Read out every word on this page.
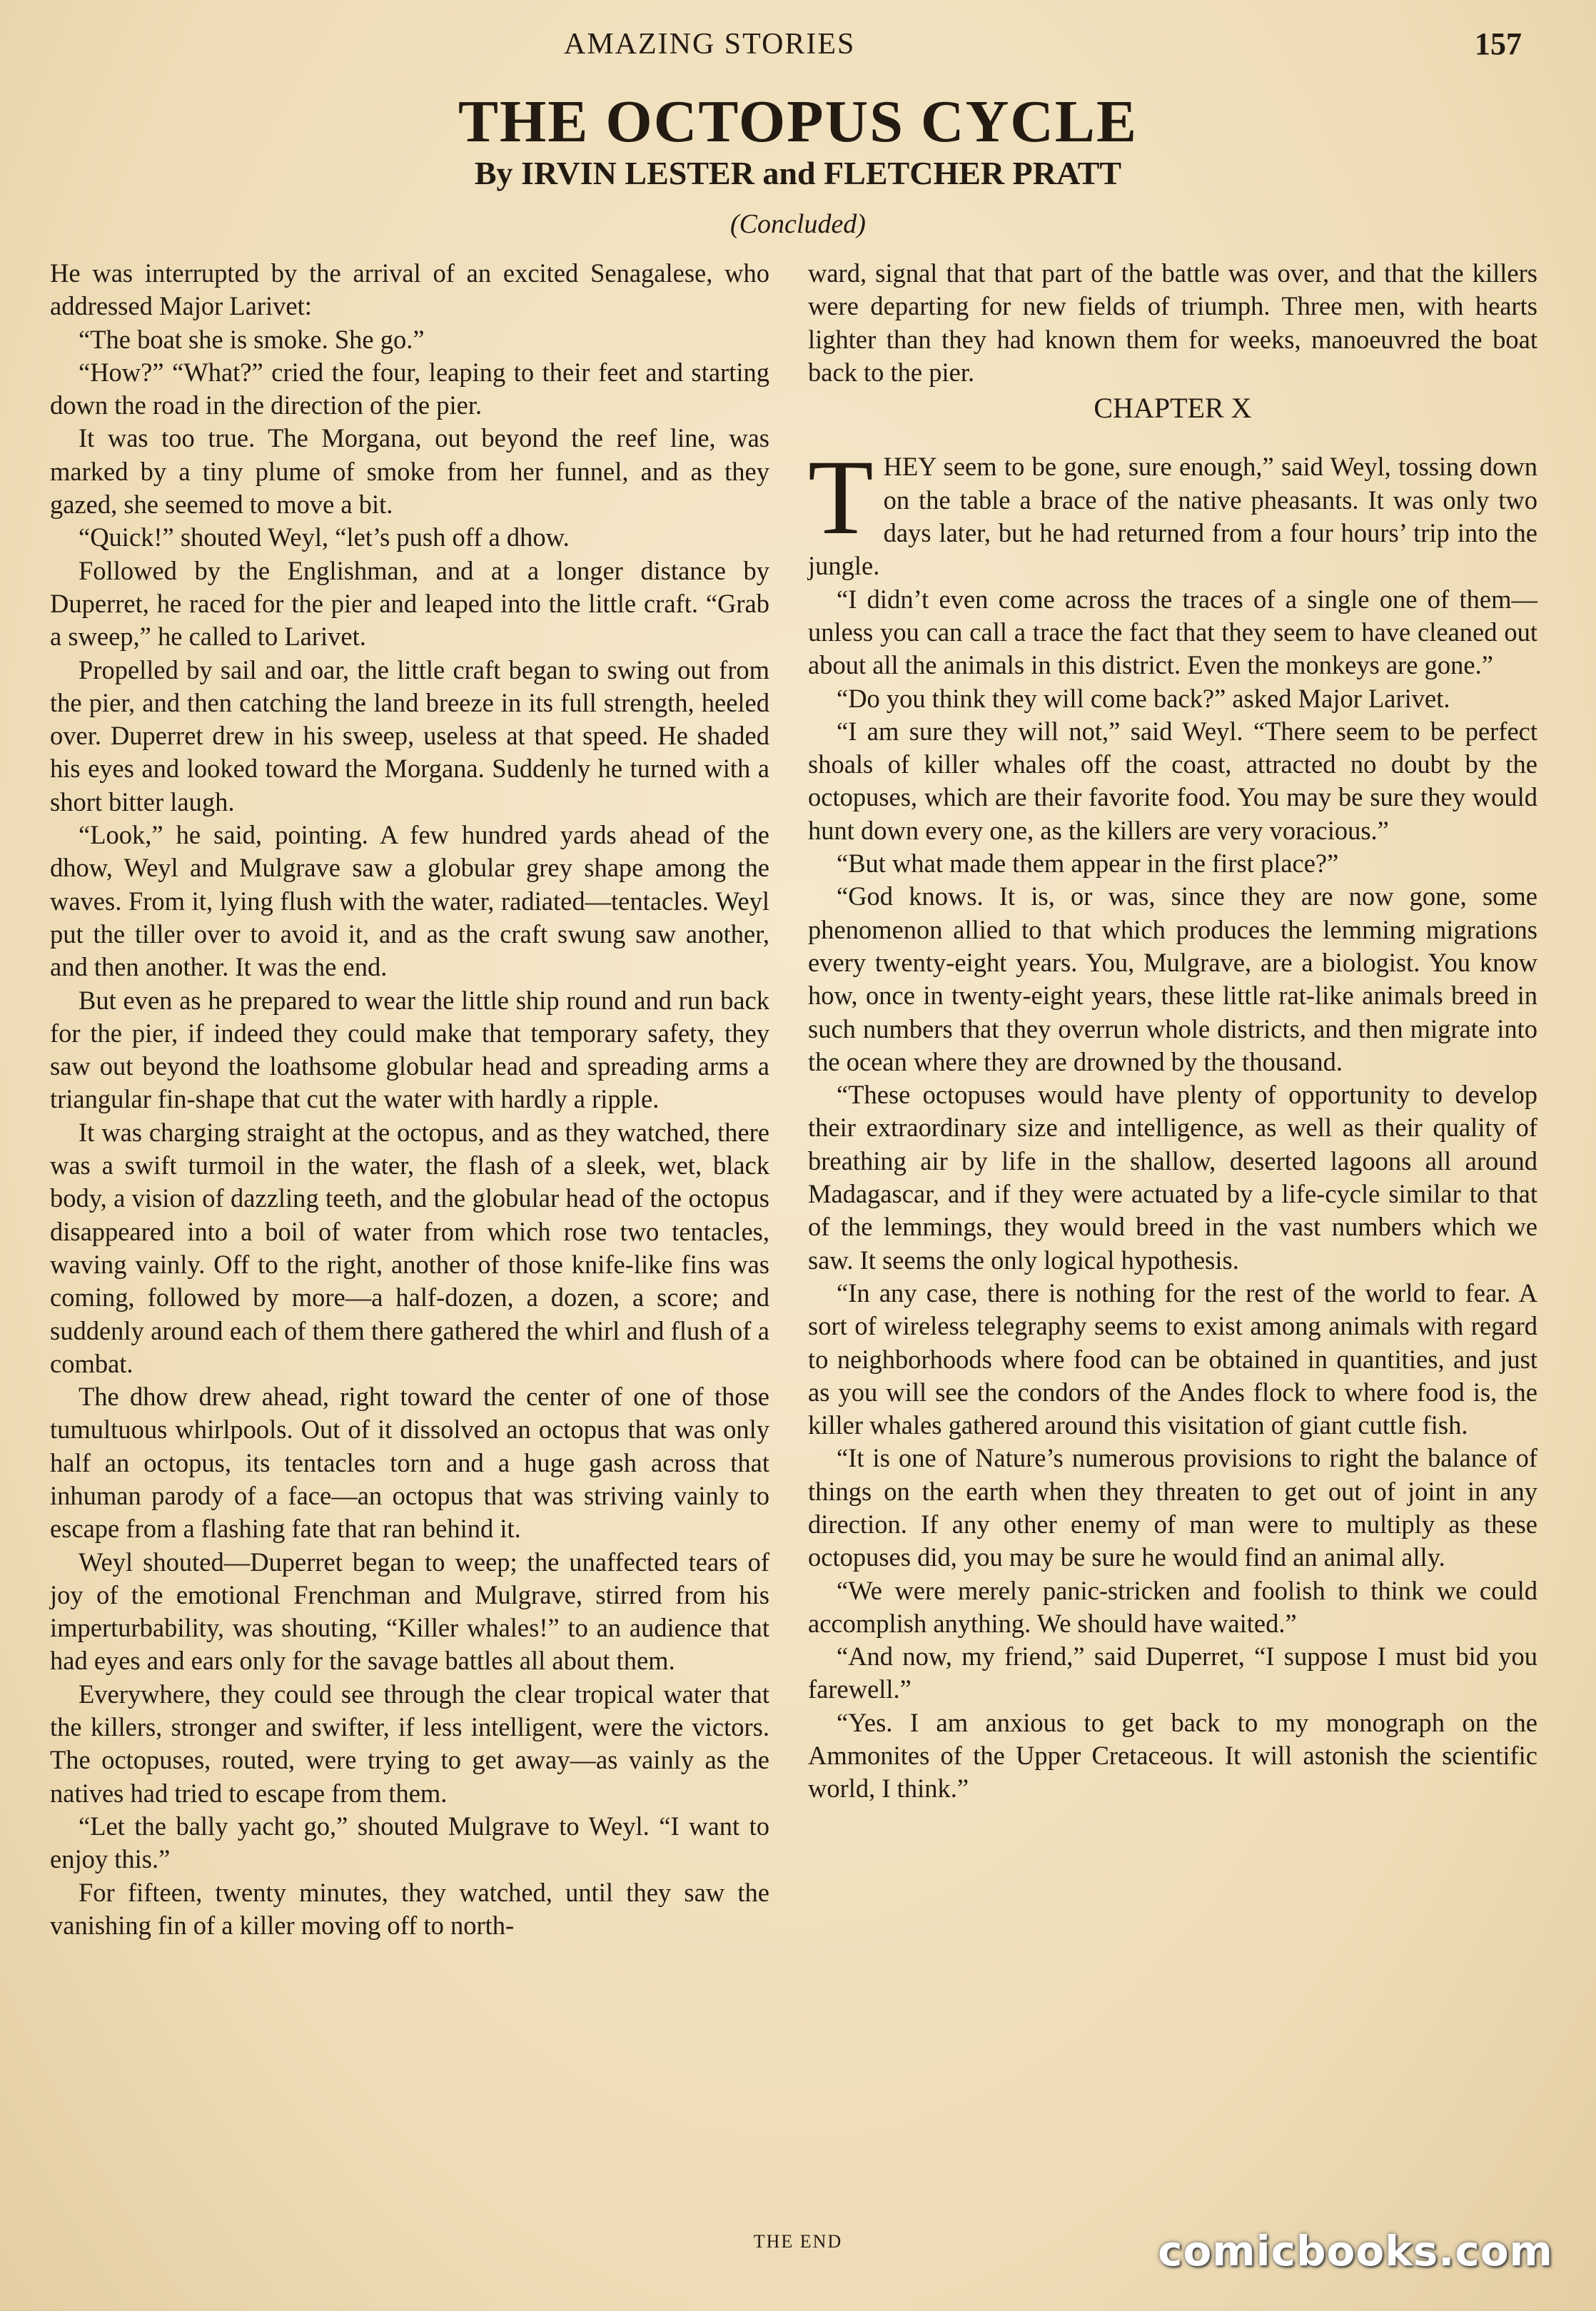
AMAZING STORIES	157
THE OCTOPUS CYCLE
By IRVIN LESTER and FLETCHER PRATT
(Concluded)

He was interrupted by the arrival of an excited Senagalese, who addressed Major Larivet:

“The boat she is smoke. She go.”

“How?” “What?” cried the four, leaping to their feet and starting down the road in the direction of the pier.

It was too true. The Morgana, out beyond the reef line, was marked by a tiny plume of smoke from her funnel, and as they gazed, she seemed to move a bit.

“Quick!” shouted Weyl, “let’s push off a dhow.

Followed by the Englishman, and at a longer distance by Duperret, he raced for the pier and leaped into the little craft. “Grab a sweep,” he called to Larivet.

Propelled by sail and oar, the little craft began to swing out from the pier, and then catching the land breeze in its full strength, heeled over. Duperret drew in his sweep, useless at that speed. He shaded his eyes and looked toward the Morgana. Suddenly he turned with a short bitter laugh.

“Look,” he said, pointing. A few hundred yards ahead of the dhow, Weyl and Mulgrave saw a globular grey shape among the waves. From it, lying flush with the water, radiated—tentacles. Weyl put the tiller over to avoid it, and as the craft swung saw another, and then another. It was the end.

But even as he prepared to wear the little ship round and run back for the pier, if indeed they could make that temporary safety, they saw out beyond the loathsome globular head and spreading arms a triangular fin-shape that cut the water with hardly a ripple.

It was charging straight at the octopus, and as they watched, there was a swift turmoil in the water, the flash of a sleek, wet, black body, a vision of dazzling teeth, and the globular head of the octopus disappeared into a boil of water from which rose two tentacles, waving vainly. Off to the right, another of those knife-like fins was coming, followed by more—a half-dozen, a dozen, a score; and suddenly around each of them there gathered the whirl and flush of a combat.

The dhow drew ahead, right toward the center of one of those tumultuous whirlpools. Out of it dissolved an octopus that was only half an octopus, its tentacles torn and a huge gash across that inhuman parody of a face—an octopus that was striving vainly to escape from a flashing fate that ran behind it.

Weyl shouted—Duperret began to weep; the unaffected tears of joy of the emotional Frenchman and Mulgrave, stirred from his imperturbability, was shouting, “Killer whales!” to an audience that had eyes and ears only for the savage battles all about them.

Everywhere, they could see through the clear tropical water that the killers, stronger and swifter, if less intelligent, were the victors. The octopuses, routed, were trying to get away—as vainly as the natives had tried to escape from them.

“Let the bally yacht go,” shouted Mulgrave to Weyl. “I want to enjoy this.”

For fifteen, twenty minutes, they watched, until they saw the vanishing fin of a killer moving off to north-

ward, signal that that part of the battle was over, and that the killers were departing for new fields of triumph. Three men, with hearts lighter than they had known them for weeks, manoeuvred the boat back to the pier.

CHAPTER X

THEY seem to be gone, sure enough,” said Weyl, tossing down on the table a brace of the native pheasants. It was only two days later, but he had returned from a four hours’ trip into the jungle.

“I didn’t even come across the traces of a single one of them—unless you can call a trace the fact that they seem to have cleaned out about all the animals in this district. Even the monkeys are gone.”

“Do you think they will come back?” asked Major Larivet.

“I am sure they will not,” said Weyl. “There seem to be perfect shoals of killer whales off the coast, attracted no doubt by the octopuses, which are their favorite food. You may be sure they would hunt down every one, as the killers are very voracious.”

“But what made them appear in the first place?”

“God knows. It is, or was, since they are now gone, some phenomenon allied to that which produces the lemming migrations every twenty-eight years. You, Mulgrave, are a biologist. You know how, once in twenty-eight years, these little rat-like animals breed in such numbers that they overrun whole districts, and then migrate into the ocean where they are drowned by the thousand.

“These octopuses would have plenty of opportunity to develop their extraordinary size and intelligence, as well as their quality of breathing air by life in the shallow, deserted lagoons all around Madagascar, and if they were actuated by a life-cycle similar to that of the lemmings, they would breed in the vast numbers which we saw. It seems the only logical hypothesis.

“In any case, there is nothing for the rest of the world to fear. A sort of wireless telegraphy seems to exist among animals with regard to neighborhoods where food can be obtained in quantities, and just as you will see the condors of the Andes flock to where food is, the killer whales gathered around this visitation of giant cuttle fish.

“It is one of Nature’s numerous provisions to right the balance of things on the earth when they threaten to get out of joint in any direction. If any other enemy of man were to multiply as these octopuses did, you may be sure he would find an animal ally.

“We were merely panic-stricken and foolish to think we could accomplish anything. We should have waited.”

“And now, my friend,” said Duperret, “I suppose I must bid you farewell.”

“Yes. I am anxious to get back to my monograph on the Ammonites of the Upper Cretaceous. It will astonish the scientific world, I think.”

THE END	comicbooks.com
